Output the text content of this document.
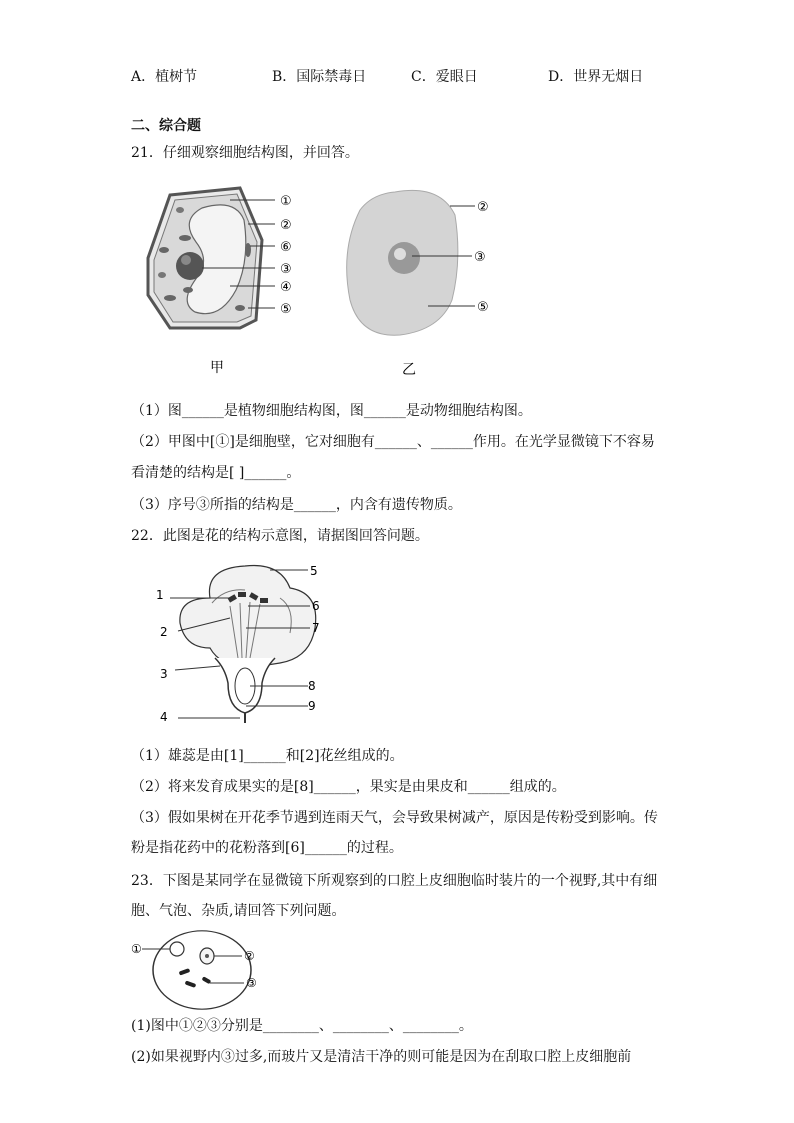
A．植树节	B．国际禁毒日	C．爱眼日	D．世界无烟日
二、综合题
21．仔细观察细胞结构图，并回答。
①
②
⑥
③
④
⑤
甲
②
③
⑤
乙
（1）图______是植物细胞结构图，图______是动物细胞结构图。
（2）甲图中[①]是细胞壁，它对细胞有______、______作用。在光学显微镜下不容易
看清楚的结构是[ ]______。
（3）序号③所指的结构是______，内含有遗传物质。
22．此图是花的结构示意图，请据图回答问题。
1
2
3
4
5
6
7
8
9
（1）雄蕊是由[1]______和[2]花丝组成的。
（2）将来发育成果实的是[8]______，果实是由果皮和______组成的。
（3）假如果树在开花季节遇到连雨天气，会导致果树减产，原因是传粉受到影响。传
粉是指花药中的花粉落到[6]______的过程。
23．下图是某同学在显微镜下所观察到的口腔上皮细胞临时装片的一个视野,其中有细
胞、气泡、杂质,请回答下列问题。
①	②
③
(1)图中①②③分别是________、________、________。
(2)如果视野内③过多,而玻片又是清洁干净的则可能是因为在刮取口腔上皮细胞前
